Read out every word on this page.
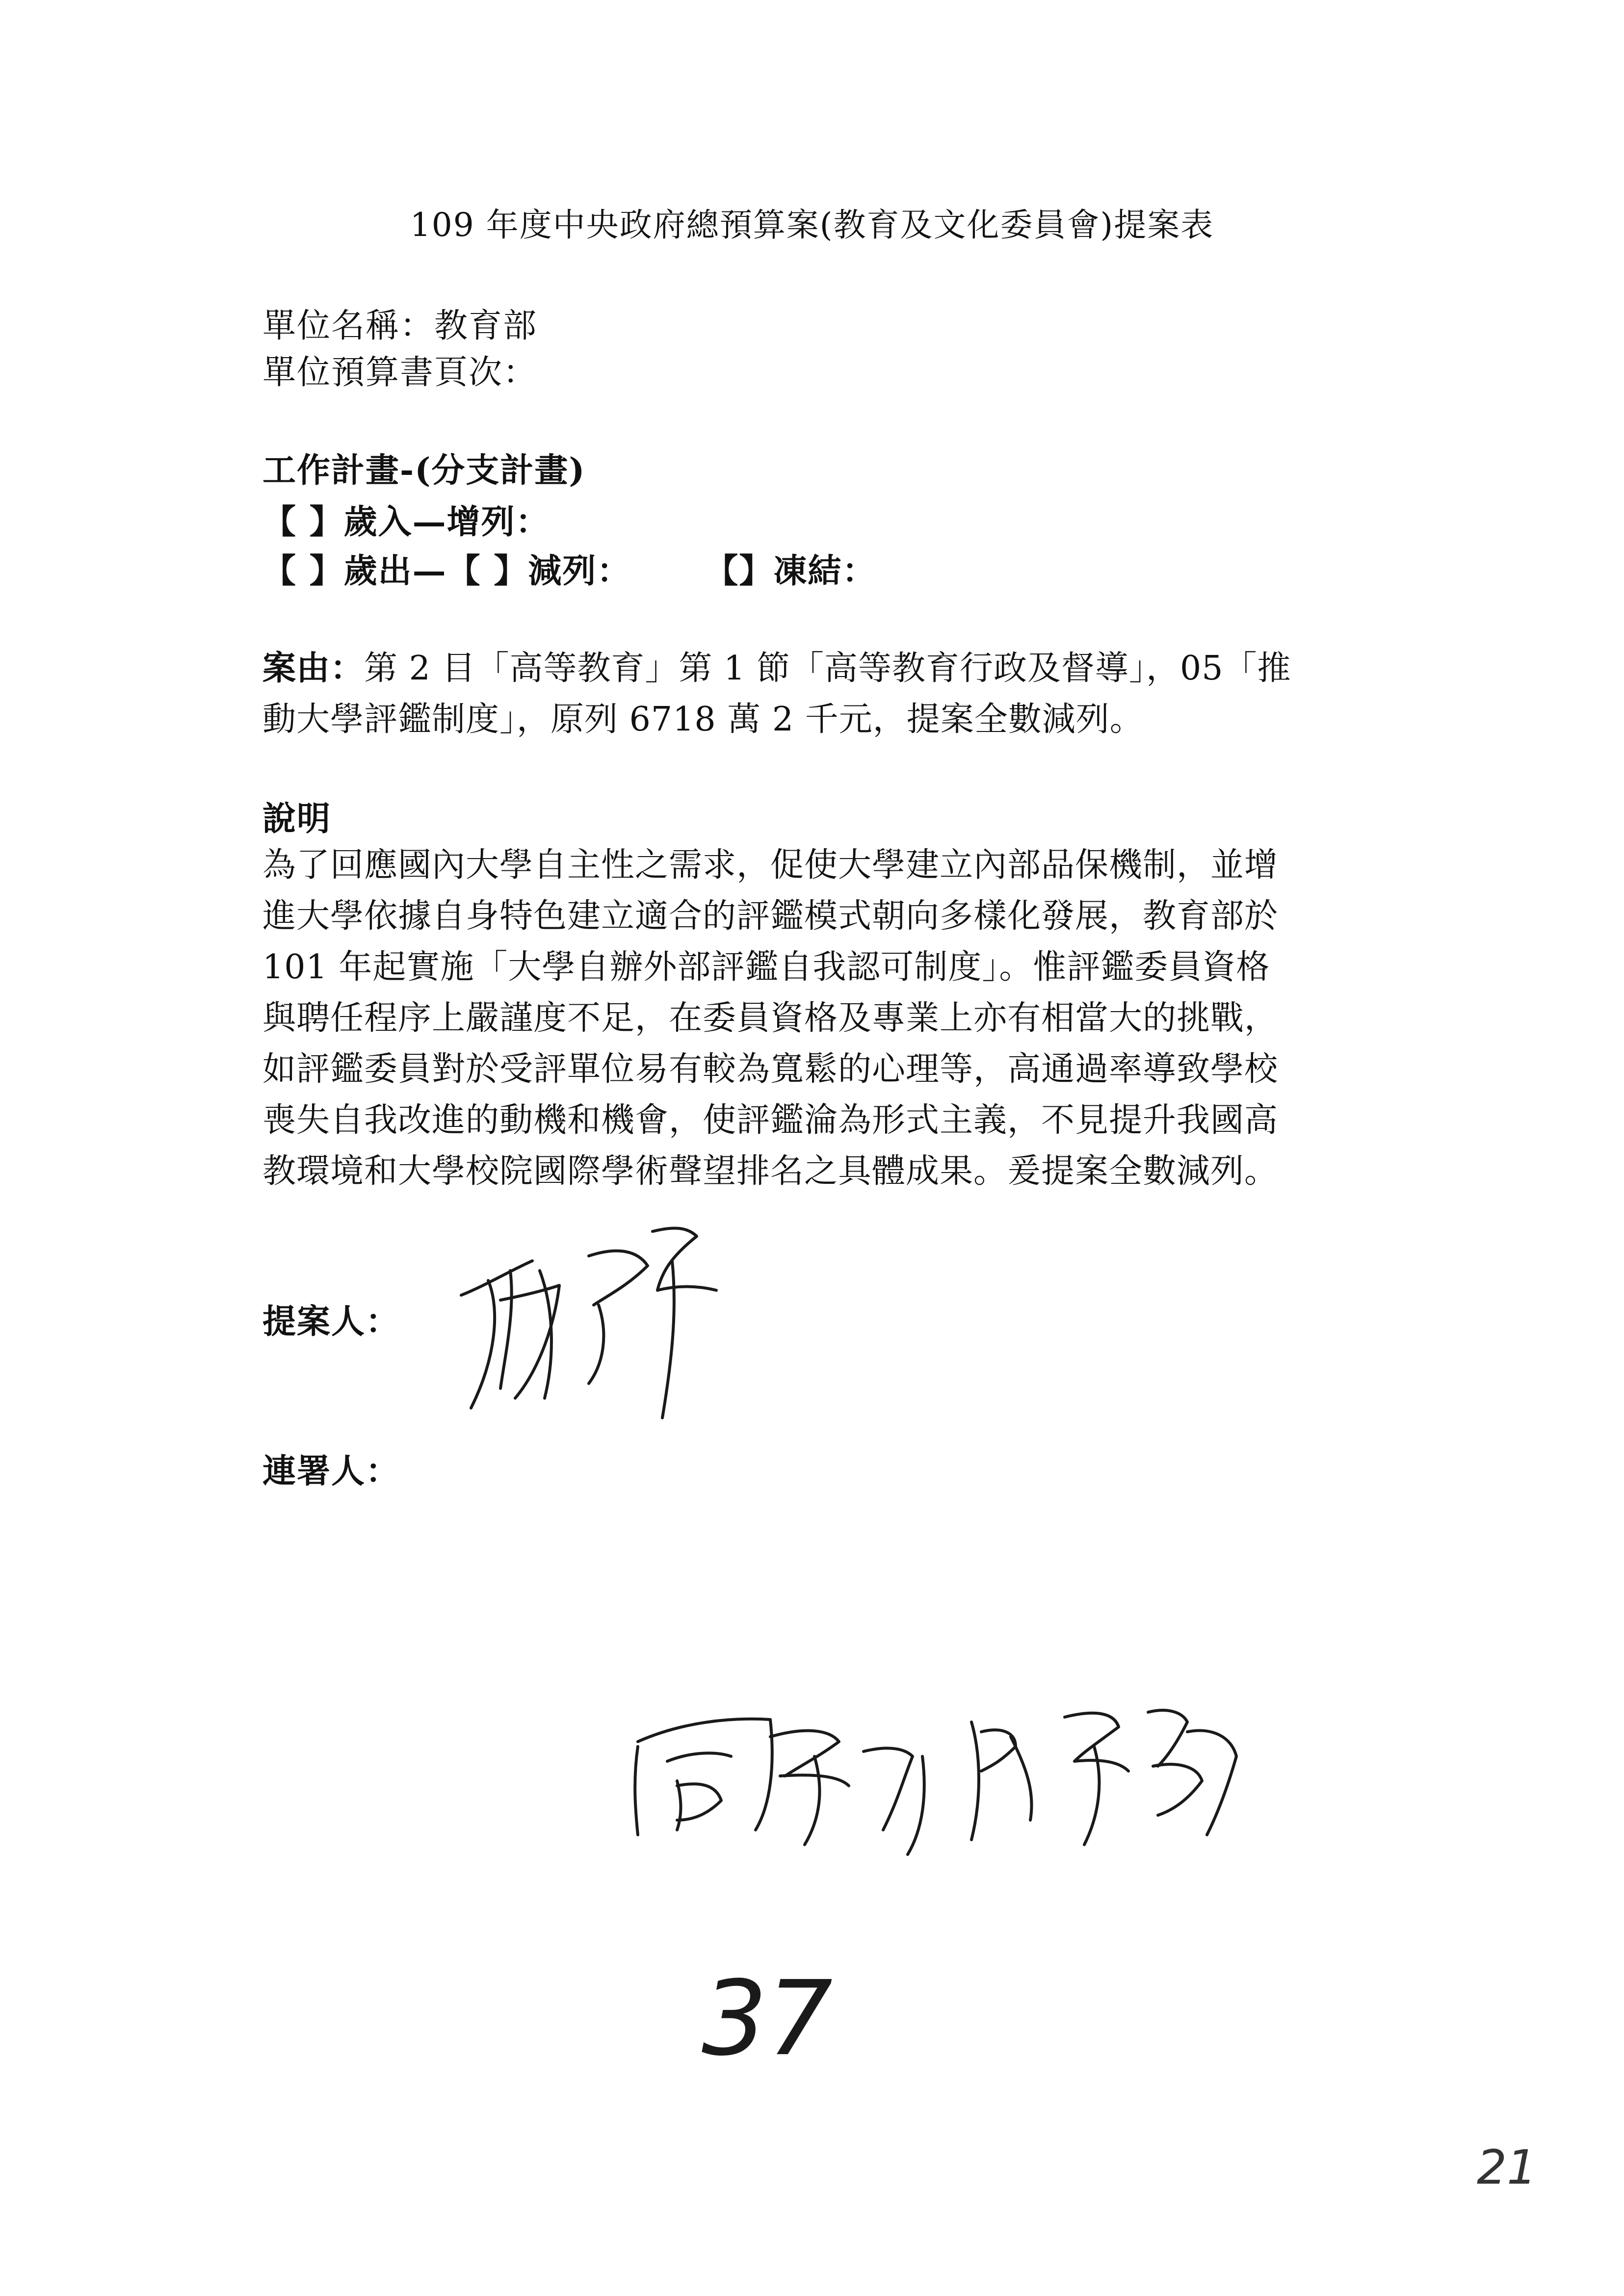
109 年度中央政府總預算案(教育及文化委員會)提案表
單位名稱：教育部
單位預算書頁次：
工作計畫-(分支計畫)
【 】歲入—增列：
【 】歲出—【 】減列： 【】凍結：
案由：第 2 目「高等教育」第 1 節「高等教育行政及督導」，05「推
動大學評鑑制度」，原列 6718 萬 2 千元，提案全數減列。
說明
為了回應國內大學自主性之需求，促使大學建立內部品保機制，並增
進大學依據自身特色建立適合的評鑑模式朝向多樣化發展，教育部於
101 年起實施「大學自辦外部評鑑自我認可制度」。惟評鑑委員資格
與聘任程序上嚴謹度不足，在委員資格及專業上亦有相當大的挑戰，
如評鑑委員對於受評單位易有較為寬鬆的心理等，高通過率導致學校
喪失自我改進的動機和機會，使評鑑淪為形式主義，不見提升我國高
教環境和大學校院國際學術聲望排名之具體成果。爰提案全數減列。
提案人：
連署人：
37
21
